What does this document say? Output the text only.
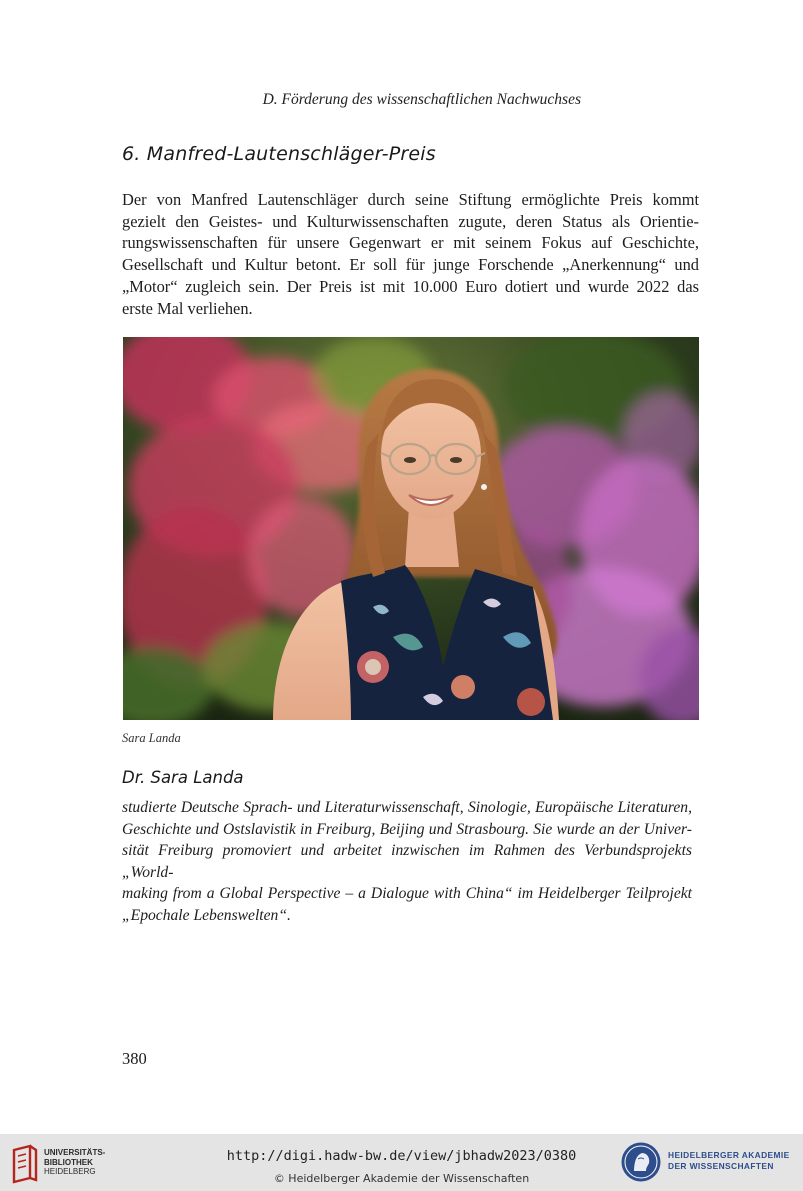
D. Förderung des wissenschaftlichen Nachwuchses
6. Manfred-Lautenschläger-Preis

Der von Manfred Lautenschläger durch seine Stiftung ermöglichte Preis kommt
gezielt den Geistes- und Kulturwissenschaften zugute, deren Status als Orientie-
rungswissenschaften für unsere Gegenwart er mit seinem Fokus auf Geschichte,
Gesellschaft und Kultur betont. Er soll für junge Forschende „Anerkennung“ und
„Motor“ zugleich sein. Der Preis ist mit 10.000 Euro dotiert und wurde 2022 das
erste Mal verliehen.

Sara Landa
Dr. Sara Landa

studierte Deutsche Sprach- und Literaturwissenschaft, Sinologie, Europäische Literaturen,
Geschichte und Ostslavistik in Freiburg, Beijing und Strasbourg. Sie wurde an der Univer-
sität Freiburg promoviert und arbeitet inzwischen im Rahmen des Verbundsprojekts „World-
making from a Global Perspective – a Dialogue with China“ im Heidelberger Teilprojekt
„Epochale Lebenswelten“.

380
UNIVERSITÄTS-
BIBLIOTHEK
HEIDELBERG
http://digi.hadw-bw.de/view/jbhadw2023/0380
© Heidelberger Akademie der Wissenschaften
HEIDELBERGER AKADEMIE
DER WISSENSCHAFTEN
